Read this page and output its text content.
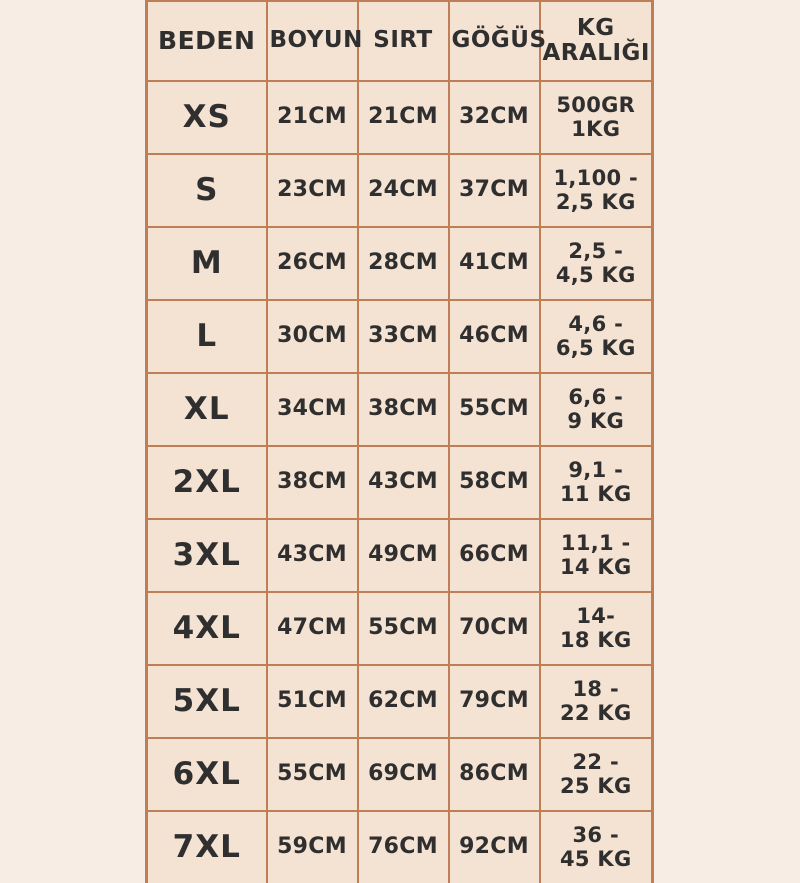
BEDEN	BOYUN	SIRT	GÖĞÜS	KG
ARALIĞI

XS	21CM	21CM	32CM	500GR
1KG

S	23CM	24CM	37CM	1,100 -
2,5 KG

M	26CM	28CM	41CM	2,5 -
4,5 KG

L	30CM	33CM	46CM	4,6 -
6,5 KG

XL	34CM	38CM	55CM	6,6 -
9 KG

2XL	38CM	43CM	58CM	9,1 -
11 KG

3XL	43CM	49CM	66CM	11,1 -
14 KG

4XL	47CM	55CM	70CM	14-
18 KG

5XL	51CM	62CM	79CM	18 -
22 KG

6XL	55CM	69CM	86CM	22 -
25 KG

7XL	59CM	76CM	92CM	36 -
45 KG
